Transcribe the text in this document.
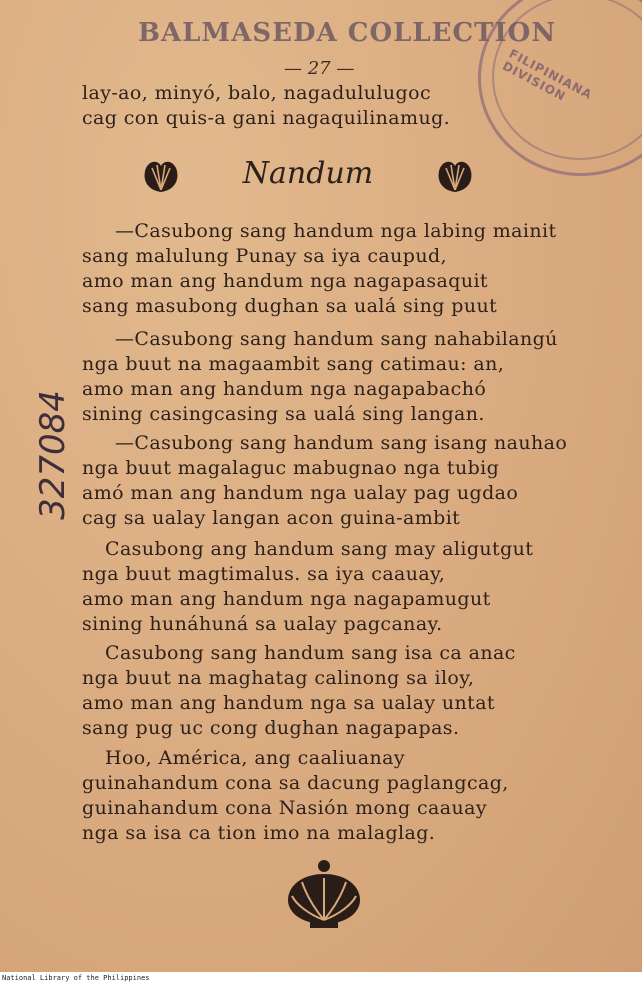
FILIPINIANA DIVISION
BALMASEDA COLLECTION
— 27 —
lay-ao, minyó, balo, nagadululugoc
cag con quis-a gani nagaquilinamug.
Nandum
327084
—Casubong sang handum nga labing mainit
sang malulung Punay sa iya caupud,
amo man ang handum nga nagapasaquit
sang masubong dughan sa ualá sing puut
—Casubong sang handum sang nahabilangú
nga buut na magaambit sang catimau: an,
amo man ang handum nga nagapabachó
sining casingcasing sa ualá sing langan.
—Casubong sang handum sang isang nauhao
nga buut magalaguc mabugnao nga tubig
amó man ang handum nga ualay pag ugdao
cag sa ualay langan acon guina-ambit
Casubong ang handum sang may aligutgut
nga buut magtimalus. sa iya caauay,
amo man ang handum nga nagapamugut
sining hunáhuná sa ualay pagcanay.
Casubong sang handum sang isa ca anac
nga buut na maghatag calinong sa iloy,
amo man ang handum nga sa ualay untat
sang pug uc cong dughan nagapapas.
Hoo, América, ang caaliuanay
guinahandum cona sa dacung paglangcag,
guinahandum cona Nasión mong caauay
nga sa isa ca tion imo na malaglag.
National Library of the Philippines
